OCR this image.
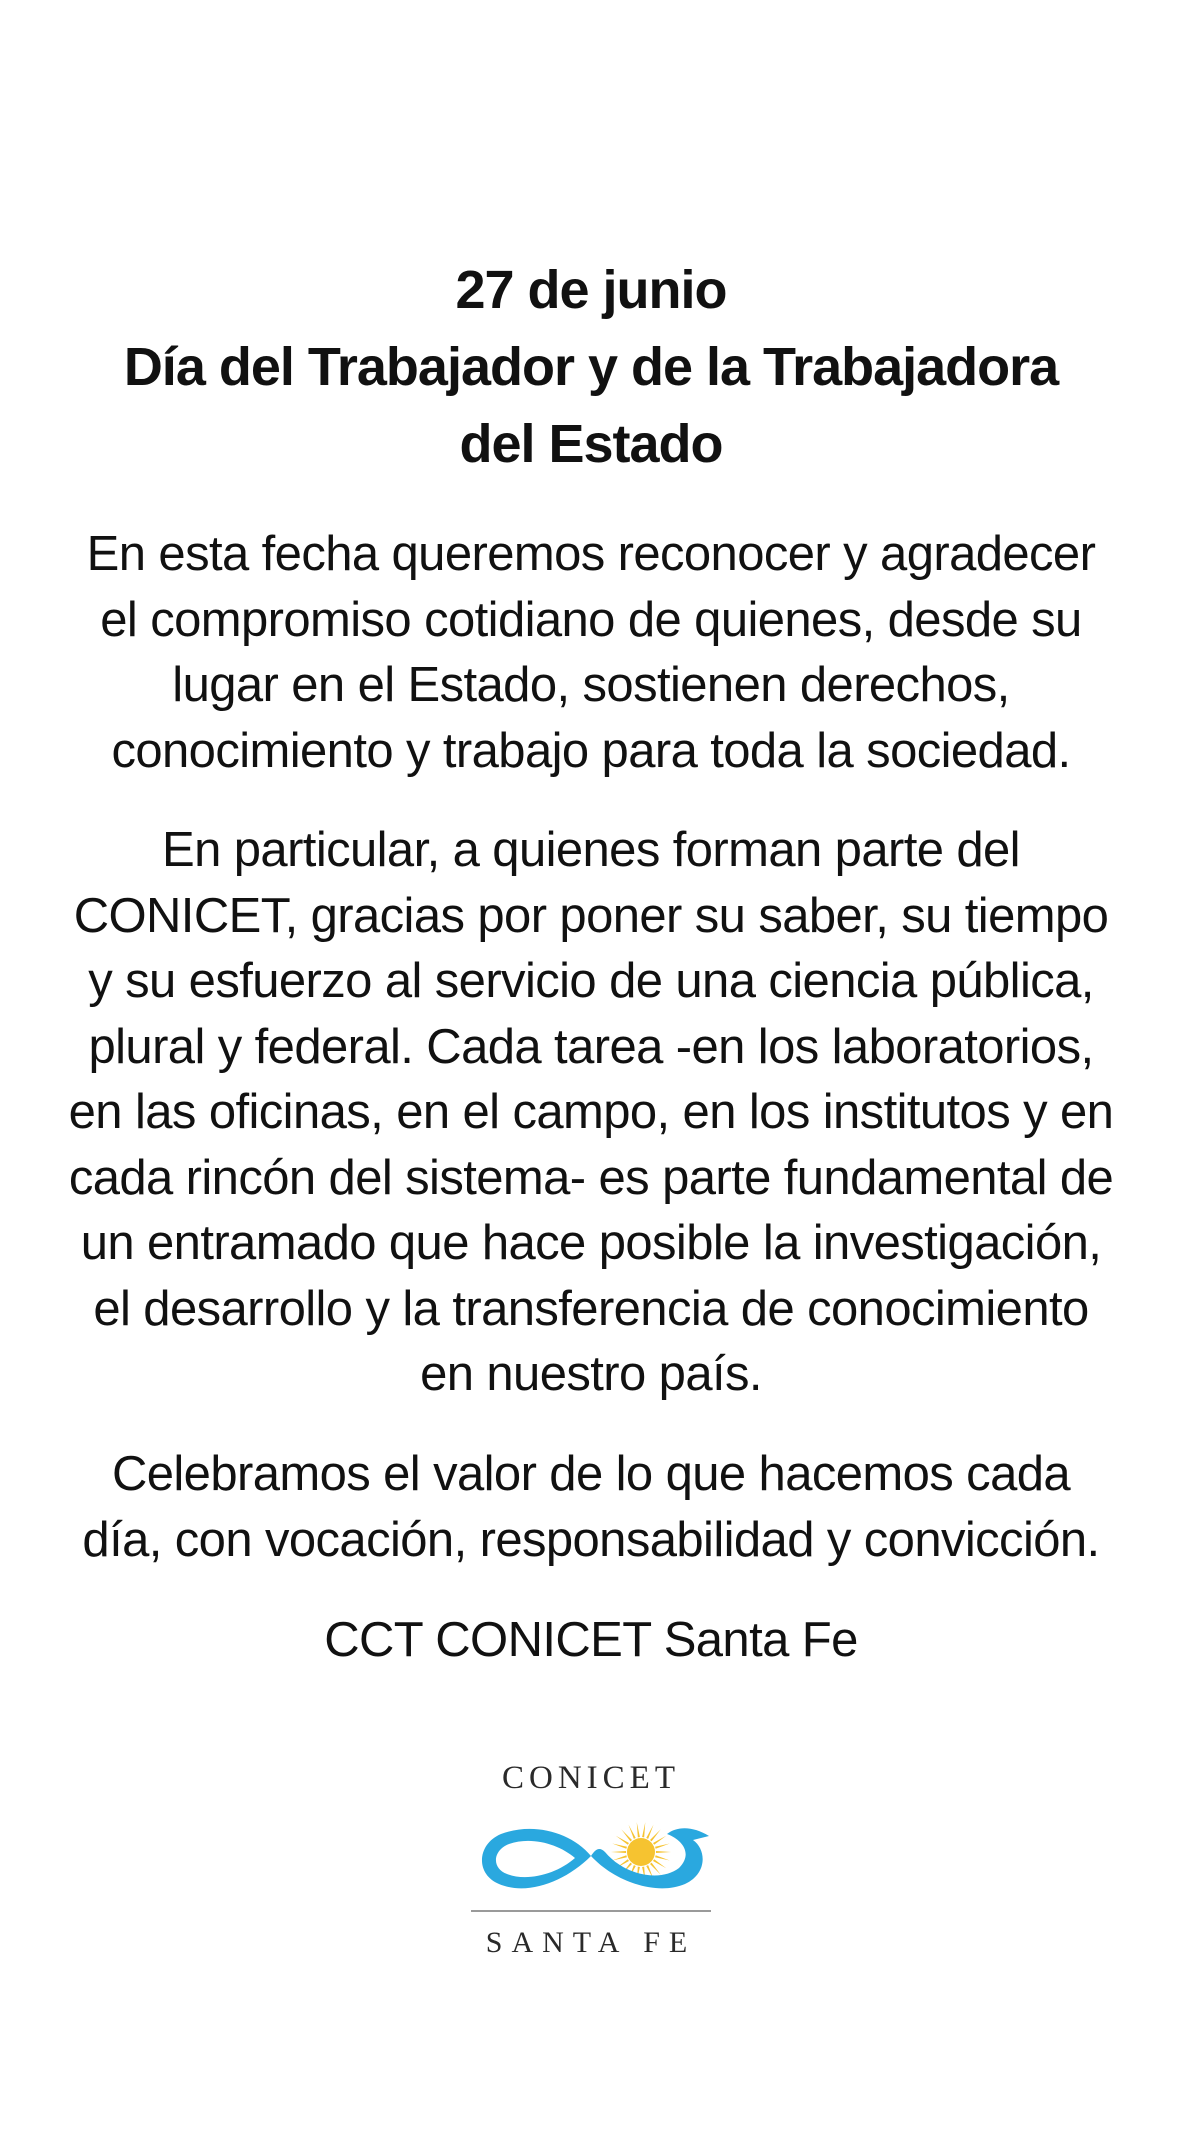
27 de junio
Día del Trabajador y de la Trabajadora
del Estado
En esta fecha queremos reconocer y agradecer
el compromiso cotidiano de quienes, desde su
lugar en el Estado, sostienen derechos,
conocimiento y trabajo para toda la sociedad.
En particular, a quienes forman parte del
CONICET, gracias por poner su saber, su tiempo
y su esfuerzo al servicio de una ciencia pública,
plural y federal. Cada tarea -en los laboratorios,
en las oficinas, en el campo, en los institutos y en
cada rincón del sistema- es parte fundamental de
un entramado que hace posible la investigación,
el desarrollo y la transferencia de conocimiento
en nuestro país.
Celebramos el valor de lo que hacemos cada
día, con vocación, responsabilidad y convicción.
CCT CONICET Santa Fe
CONICET
SANTA FE
